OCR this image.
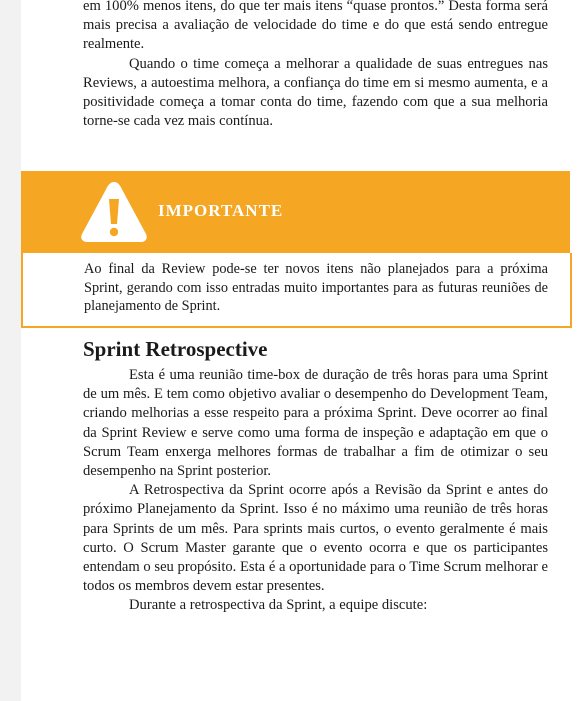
em 100% menos itens, do que ter mais itens “quase prontos.” Desta forma será mais precisa a avaliação de velocidade do time e do que está sendo entregue realmente.

Quando o time começa a melhorar a qualidade de suas entregues nas Reviews, a autoestima melhora, a confiança do time em si mesmo aumenta, e a positividade começa a tomar conta do time, fazendo com que a sua melhoria torne-se cada vez mais contínua.

IMPORTANTE

Ao final da Review pode-se ter novos itens não planejados para a próxima Sprint, gerando com isso entradas muito importantes para as futuras reuniões de planejamento de Sprint.

Sprint Retrospective

Esta é uma reunião time-box de duração de três horas para uma Sprint de um mês. E tem como objetivo avaliar o desempenho do Development Team, criando melhorias a esse respeito para a próxima Sprint. Deve ocorrer ao final da Sprint Review e serve como uma forma de inspeção e adaptação em que o Scrum Team enxerga melhores formas de trabalhar a fim de otimizar o seu desempenho na Sprint posterior.

A Retrospectiva da Sprint ocorre após a Revisão da Sprint e antes do próximo Planejamento da Sprint. Isso é no máximo uma reunião de três horas para Sprints de um mês. Para sprints mais curtos, o evento geralmente é mais curto. O Scrum Master garante que o evento ocorra e que os participantes entendam o seu propósito. Esta é a oportunidade para o Time Scrum melhorar e todos os membros devem estar presentes.

Durante a retrospectiva da Sprint, a equipe discute:
